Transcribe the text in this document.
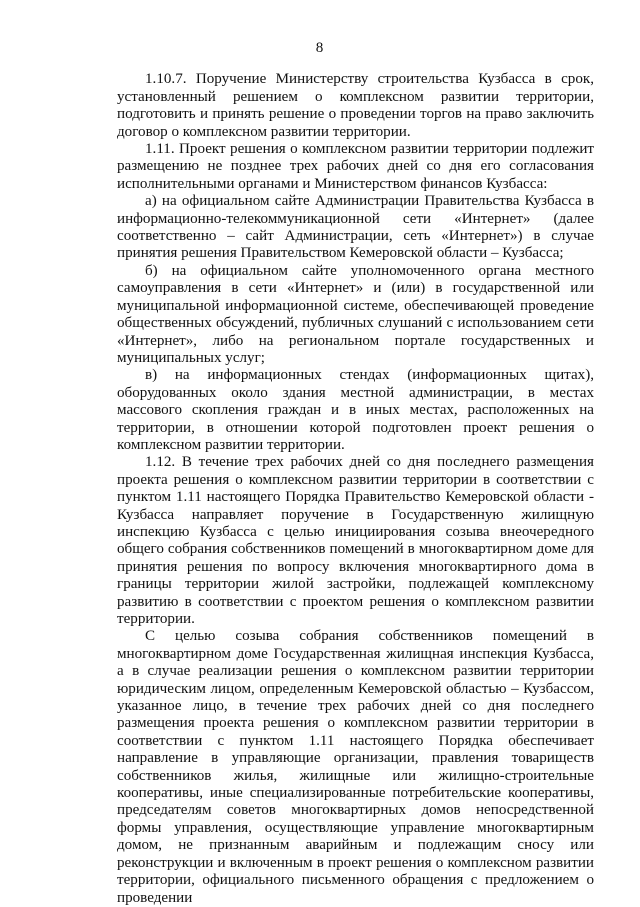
8

1.10.7. Поручение Министерству строительства Кузбасса в срок, установленный решением о комплексном развитии территории, подготовить и принять решение о проведении торгов на право заключить договор о комплексном развитии территории.

1.11. Проект решения о комплексном развитии территории подлежит размещению не позднее трех рабочих дней со дня его согласования исполнительными органами и Министерством финансов Кузбасса:

а) на официальном сайте Администрации Правительства Кузбасса в информационно-телекоммуникационной сети «Интернет» (далее соответственно – сайт Администрации, сеть «Интернет») в случае принятия решения Правительством Кемеровской области – Кузбасса;

б) на официальном сайте уполномоченного органа местного самоуправления в сети «Интернет» и (или) в государственной или муниципальной информационной системе, обеспечивающей проведение общественных обсуждений, публичных слушаний с использованием сети «Интернет», либо на региональном портале государственных и муниципальных услуг;

в) на информационных стендах (информационных щитах), оборудованных около здания местной администрации, в местах массового скопления граждан и в иных местах, расположенных на территории, в отношении которой подготовлен проект решения о комплексном развитии территории.

1.12. В течение трех рабочих дней со дня последнего размещения проекта решения о комплексном развитии территории в соответствии с пунктом 1.11 настоящего Порядка Правительство Кемеровской области - Кузбасса направляет поручение в Государственную жилищную инспекцию Кузбасса с целью инициирования созыва внеочередного общего собрания собственников помещений в многоквартирном доме для принятия решения по вопросу включения многоквартирного дома в границы территории жилой застройки, подлежащей комплексному развитию в соответствии с проектом решения о комплексном развитии территории.

С целью созыва собрания собственников помещений в многоквартирном доме Государственная жилищная инспекция Кузбасса, а в случае реализации решения о комплексном развитии территории юридическим лицом, определенным Кемеровской областью – Кузбассом, указанное лицо, в течение трех рабочих дней со дня последнего размещения проекта решения о комплексном развитии территории в соответствии с пунктом 1.11 настоящего Порядка обеспечивает направление в управляющие организации, правления товариществ собственников жилья, жилищные или жилищно-строительные кооперативы, иные специализированные потребительские кооперативы, председателям советов многоквартирных домов непосредственной формы управления, осуществляющие управление многоквартирным домом, не признанным аварийным и подлежащим сносу или реконструкции и включенным в проект решения о комплексном развитии территории, официального письменного обращения с предложением о проведении
